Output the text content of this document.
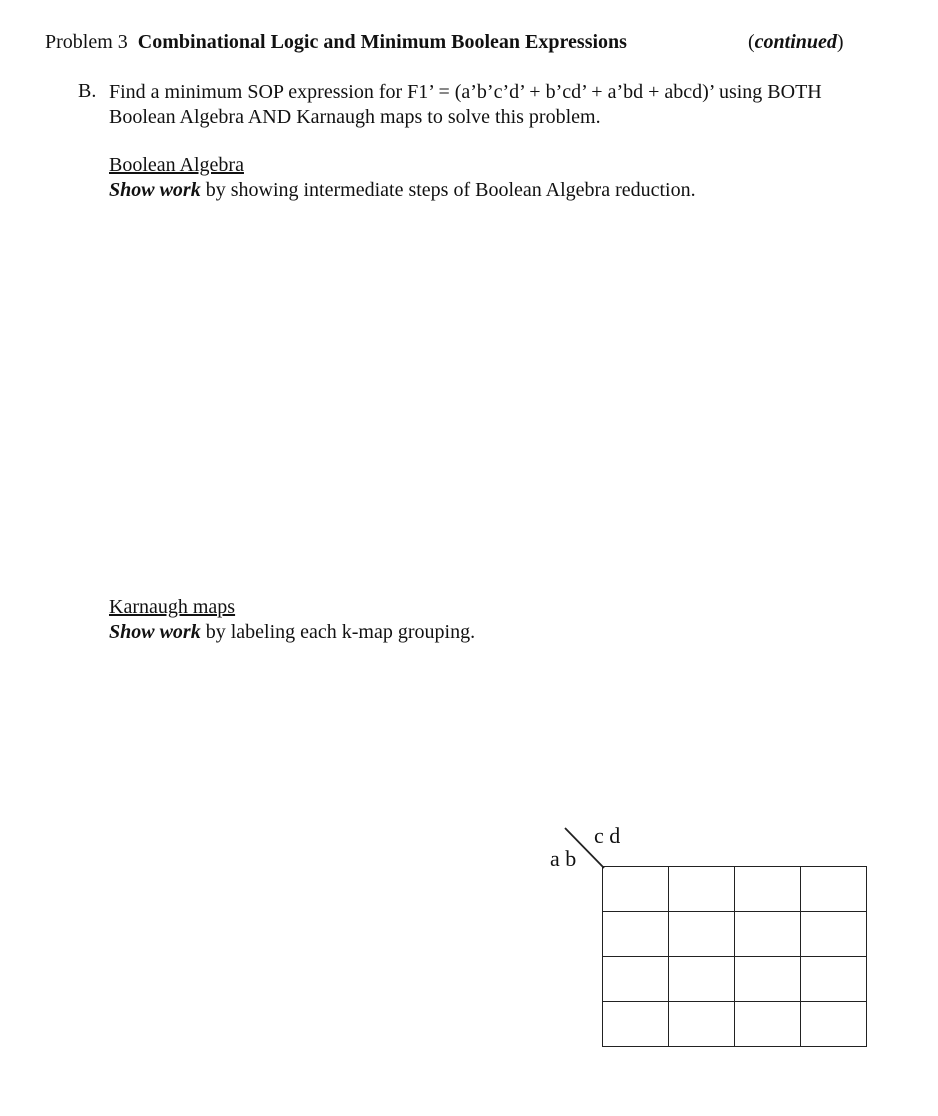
Problem 3 Combinational Logic and Minimum Boolean Expressions	(continued)
B. Find a minimum SOP expression for F1’ = (a’b’c’d’ + b’cd’ + a’bd + abcd)’ using BOTH
Boolean Algebra AND Karnaugh maps to solve this problem.
Boolean Algebra
Show work by showing intermediate steps of Boolean Algebra reduction.
Karnaugh maps
Show work by labeling each k-map grouping.
c d
a b
